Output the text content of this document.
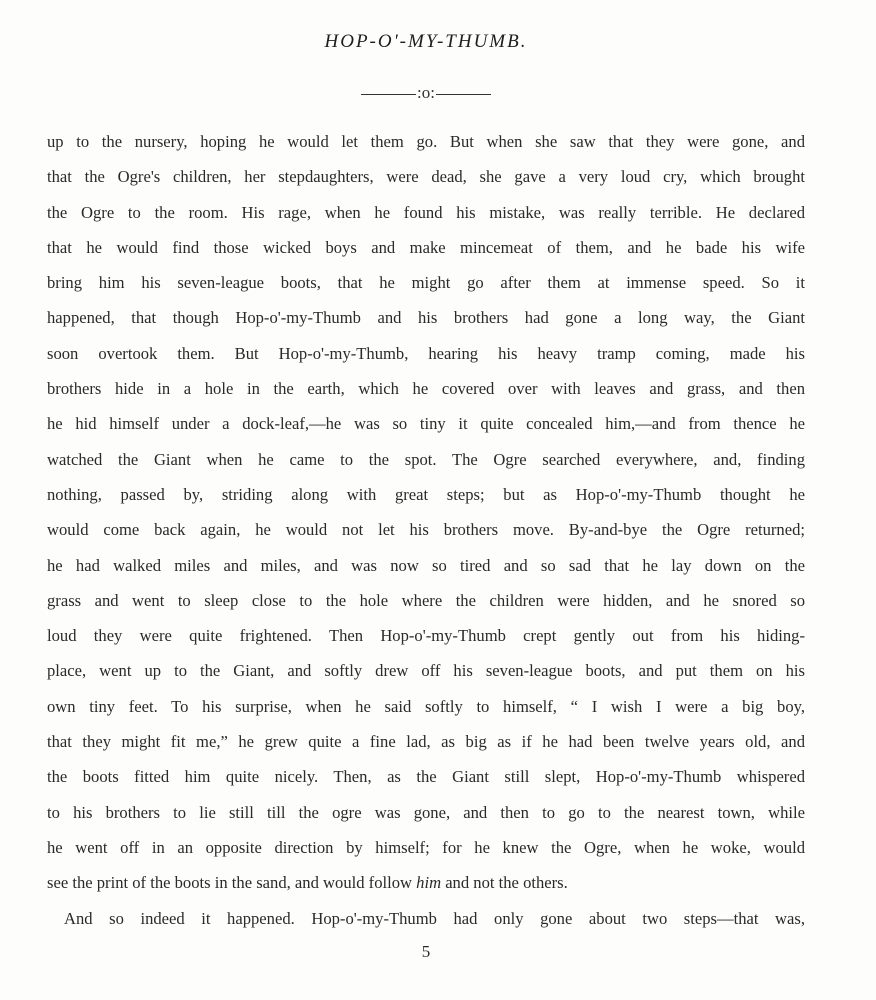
HOP-O'-MY-THUMB.
:o:
up to the nursery, hoping he would let them go. But when she saw that they were gone, and
that the Ogre's children, her stepdaughters, were dead, she gave a very loud cry, which brought
the Ogre to the room. His rage, when he found his mistake, was really terrible. He declared
that he would find those wicked boys and make mincemeat of them, and he bade his wife
bring him his seven-league boots, that he might go after them at immense speed. So it
happened, that though Hop-o'-my-Thumb and his brothers had gone a long way, the Giant
soon overtook them. But Hop-o'-my-Thumb, hearing his heavy tramp coming, made his
brothers hide in a hole in the earth, which he covered over with leaves and grass, and then
he hid himself under a dock-leaf,—he was so tiny it quite concealed him,—and from thence he
watched the Giant when he came to the spot. The Ogre searched everywhere, and, finding
nothing, passed by, striding along with great steps; but as Hop-o'-my-Thumb thought he
would come back again, he would not let his brothers move. By-and-bye the Ogre returned;
he had walked miles and miles, and was now so tired and so sad that he lay down on the
grass and went to sleep close to the hole where the children were hidden, and he snored so
loud they were quite frightened. Then Hop-o'-my-Thumb crept gently out from his hiding-
place, went up to the Giant, and softly drew off his seven-league boots, and put them on his
own tiny feet. To his surprise, when he said softly to himself, “ I wish I were a big boy,
that they might fit me,” he grew quite a fine lad, as big as if he had been twelve years old, and
the boots fitted him quite nicely. Then, as the Giant still slept, Hop-o'-my-Thumb whispered
to his brothers to lie still till the ogre was gone, and then to go to the nearest town, while
he went off in an opposite direction by himself; for he knew the Ogre, when he woke, would
see the print of the boots in the sand, and would follow him and not the others.
And so indeed it happened. Hop-o'-my-Thumb had only gone about two steps—that was,
5
